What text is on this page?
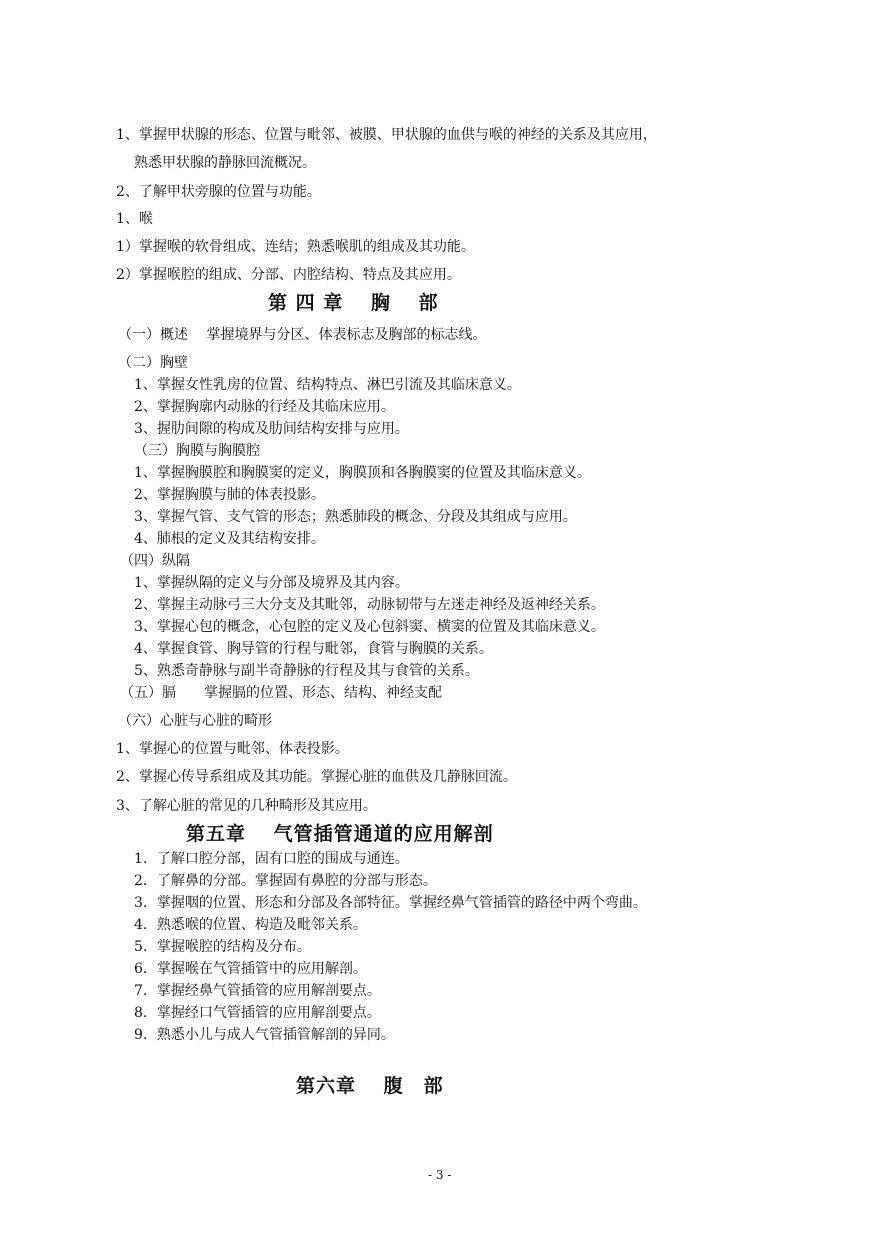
1、掌握甲状腺的形态、位置与毗邻、被膜、甲状腺的血供与喉的神经的关系及其应用，
熟悉甲状腺的静脉回流概况。
2、了解甲状旁腺的位置与功能。
1、喉
1）掌握喉的软骨组成、连结；熟悉喉肌的组成及其功能。
2）掌握喉腔的组成、分部、内腔结构、特点及其应用。
第 四 章　 胸　 部
（一）概述　 掌握境界与分区、体表标志及胸部的标志线。
（二）胸壁
1、掌握女性乳房的位置、结构特点、淋巴引流及其临床意义。
2、掌握胸廓内动脉的行经及其临床应用。
3、握肋间隙的构成及肋间结构安排与应用。
（三）胸膜与胸膜腔
1、掌握胸膜腔和胸膜窦的定义，胸膜顶和各胸膜窦的位置及其临床意义。
2、掌握胸膜与肺的体表投影。
3、掌握气管、支气管的形态；熟悉肺段的概念、分段及其组成与应用。
4、肺根的定义及其结构安排。
（四）纵隔
1、掌握纵隔的定义与分部及境界及其内容。
2、掌握主动脉弓三大分支及其毗邻，动脉韧带与左迷走神经及返神经关系。
3、掌握心包的概念，心包腔的定义及心包斜窦、横窦的位置及其临床意义。
4、掌握食管、胸导管的行程与毗邻，食管与胸膜的关系。
5、熟悉奇静脉与副半奇静脉的行程及其与食管的关系。
（五）膈　　掌握膈的位置、形态、结构、神经支配
（六）心脏与心脏的畸形
1、掌握心的位置与毗邻、体表投影。
2、掌握心传导系组成及其功能。掌握心脏的血供及几静脉回流。
3、了解心脏的常见的几种畸形及其应用。
第五章　 气管插管通道的应用解剖
1．了解口腔分部，固有口腔的围成与通连。
2．了解鼻的分部。掌握固有鼻腔的分部与形态。
3．掌握咽的位置、形态和分部及各部特征。掌握经鼻气管插管的路径中两个弯曲。
4．熟悉喉的位置、构造及毗邻关系。
5．掌握喉腔的结构及分布。
6．掌握喉在气管插管中的应用解剖。
7．掌握经鼻气管插管的应用解剖要点。
8．掌握经口气管插管的应用解剖要点。
9．熟悉小儿与成人气管插管解剖的异同。
第六章　 腹　部
- 3 -
